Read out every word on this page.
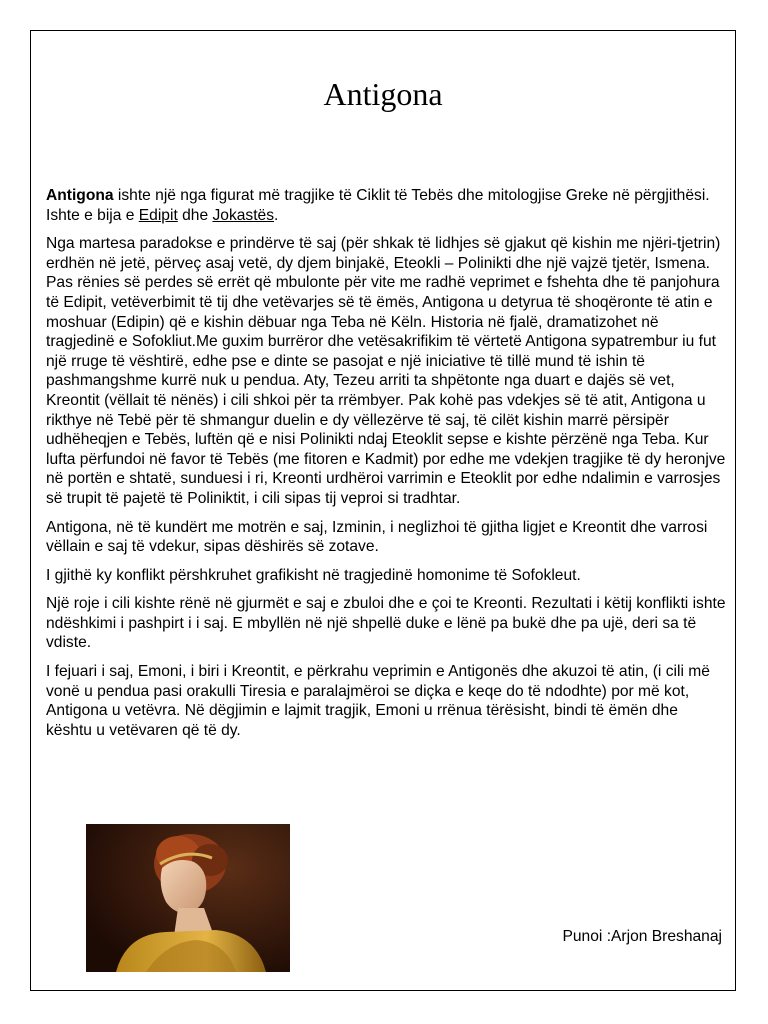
Antigona

Antigona ishte një nga figurat më tragjike të Ciklit të Tebës dhe mitologjise Greke në përgjithësi. Ishte e bija e Edipit dhe Jokastës.

Nga martesa paradokse e prindërve të saj (për shkak të lidhjes së gjakut që kishin me njëri-tjetrin) erdhën në jetë, përveç asaj vetë, dy djem binjakë, Eteokli – Polinikti dhe një vajzë tjetër, Ismena. Pas rënies së perdes së errët që mbulonte për vite me radhë veprimet e fshehta dhe të panjohura të Edipit, vetëverbimit të tij dhe vetëvarjes së të ëmës, Antigona u detyrua të shoqëronte të atin e moshuar (Edipin) që e kishin dëbuar nga Teba në Këln. Historia në fjalë, dramatizohet në tragjedinë e Sofokliut.Me guxim burrëror dhe vetësakrifikim të vërtetë Antigona sypatrembur iu fut një rruge të vështirë, edhe pse e dinte se pasojat e një iniciative të tillë mund të ishin të pashmangshme kurrë nuk u pendua. Aty, Tezeu arriti ta shpëtonte nga duart e dajës së vet, Kreontit (vëllait të nënës) i cili shkoi për ta rrëmbyer. Pak kohë pas vdekjes së të atit, Antigona u rikthye në Tebë për të shmangur duelin e dy vëllezërve të saj, të cilët kishin marrë përsipër udhëheqjen e Tebës, luftën që e nisi Polinikti ndaj Eteoklit sepse e kishte përzënë nga Teba. Kur lufta përfundoi në favor të Tebës (me fitoren e Kadmit) por edhe me vdekjen tragjike të dy heronjve në portën e shtatë, sunduesi i ri, Kreonti urdhëroi varrimin e Eteoklit por edhe ndalimin e varrosjes së trupit të pajetë të Poliniktit, i cili sipas tij veproi si tradhtar.

Antigona, në të kundërt me motrën e saj, Izminin, i neglizhoi të gjitha ligjet e Kreontit dhe varrosi vëllain e saj të vdekur, sipas dëshirës së zotave.

I gjithë ky konflikt përshkruhet grafikisht në tragjedinë homonime të Sofokleut.

Një roje i cili kishte rënë në gjurmët e saj e zbuloi dhe e çoi te Kreonti. Rezultati i këtij konflikti ishte ndëshkimi i pashpirt i i saj. E mbyllën në një shpellë duke e lënë pa bukë dhe pa ujë, deri sa të vdiste.

I fejuari i saj, Emoni, i biri i Kreontit, e përkrahu veprimin e Antigonës dhe akuzoi të atin, (i cili më vonë u pendua pasi orakulli Tiresia e paralajmëroi se diçka e keqe do të ndodhte) por më kot, Antigona u vetëvra. Në dëgjimin e lajmit tragjik, Emoni u rrënua tërësisht, bindi të ëmën dhe kështu u vetëvaren që të dy.

Punoi :Arjon Breshanaj
